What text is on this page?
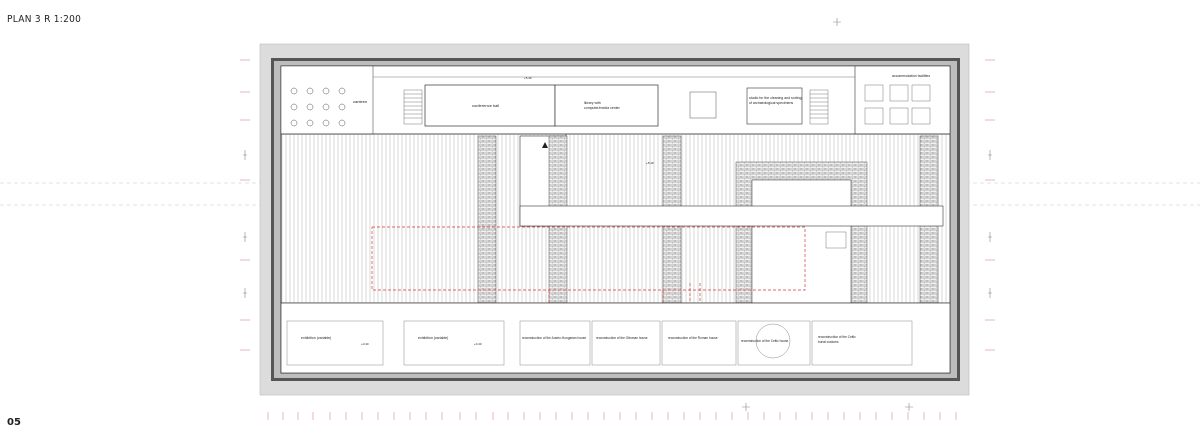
PLAN 3 R 1:200
05
canteen
conference hall	library with
computer/media center
studio for the cleaning and sorting
of archaeological specimens
accommodation facilities
exhibition (variable)	exhibition (variable)	reconstruction of the Austro-Hungarian house	reconstruction of the Ottoman house	reconstruction of the Roman house
reconstruction of the Celtic house
reconstruction of the Celtic
burial customs
+5.40
+5.40
+0.40	+0.40
